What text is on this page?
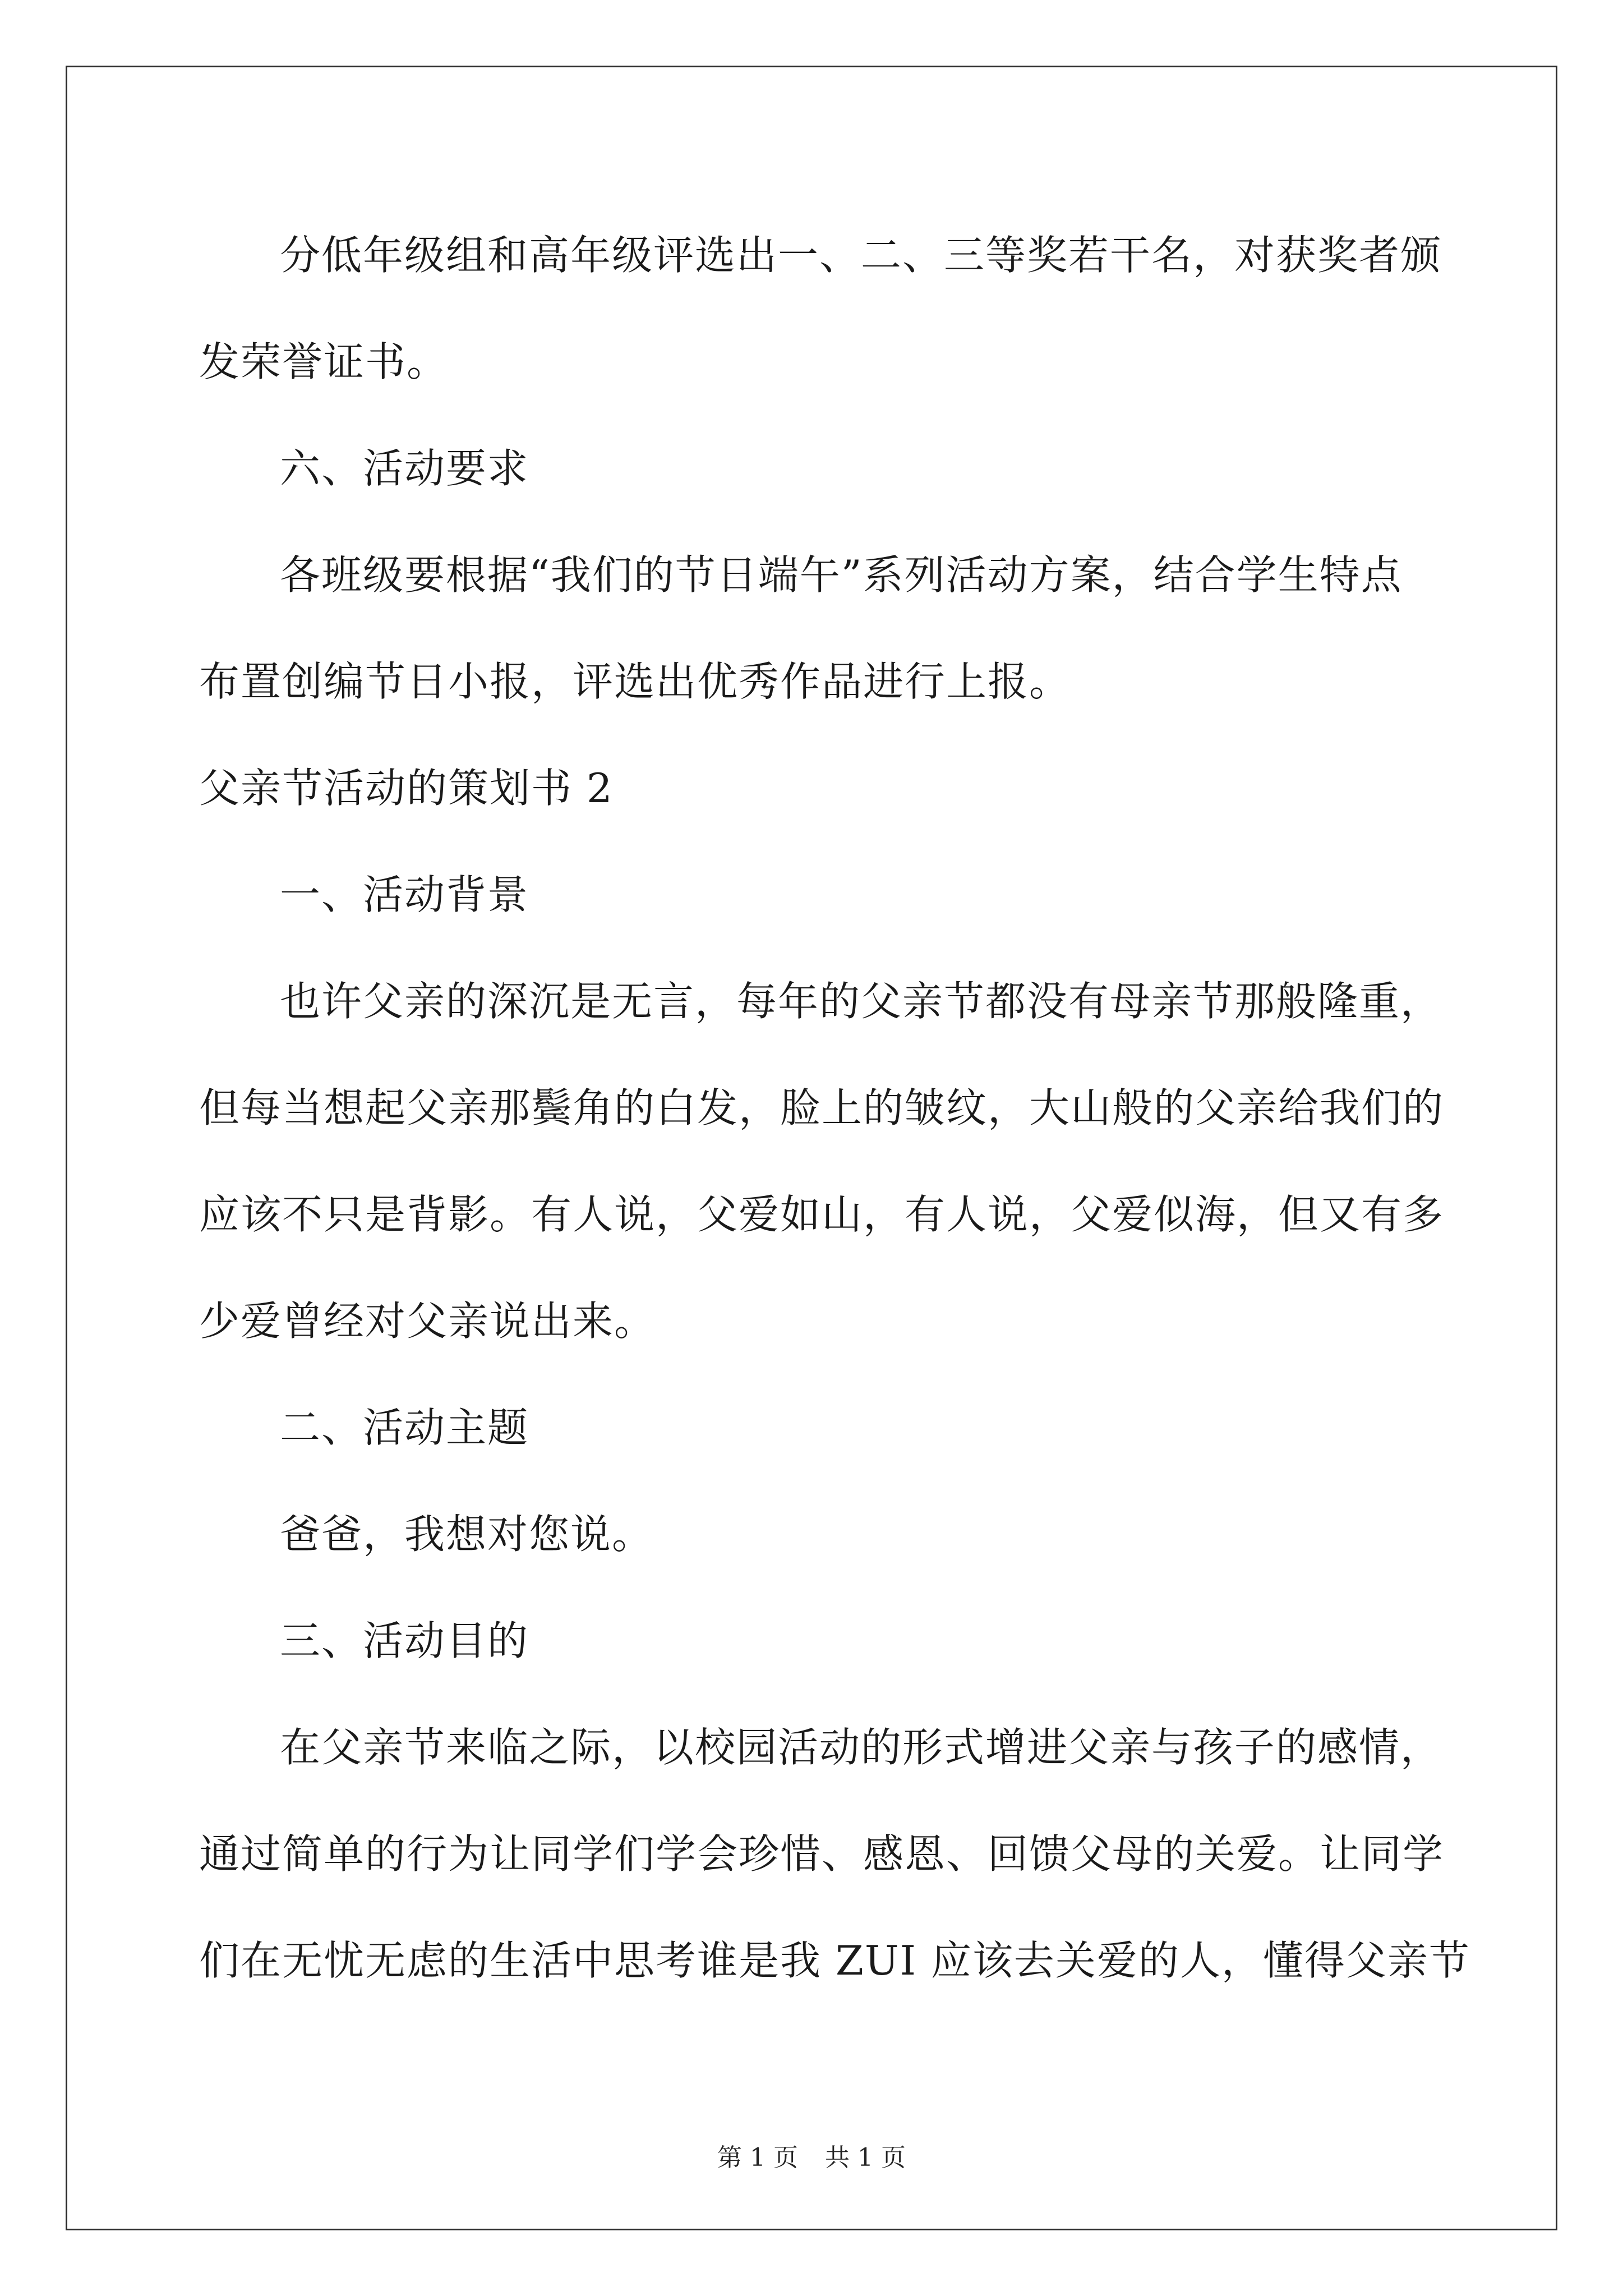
分低年级组和高年级评选出一、二、三等奖若干名，对获奖者颁

发荣誉证书。

六、活动要求

各班级要根据“我们的节日端午”系列活动方案，结合学生特点

布置创编节日小报，评选出优秀作品进行上报。

父亲节活动的策划书 2

一、活动背景

也许父亲的深沉是无言，每年的父亲节都没有母亲节那般隆重，

但每当想起父亲那鬓角的白发，脸上的皱纹，大山般的父亲给我们的

应该不只是背影。有人说，父爱如山，有人说，父爱似海，但又有多

少爱曾经对父亲说出来。

二、活动主题

爸爸，我想对您说。

三、活动目的

在父亲节来临之际，以校园活动的形式增进父亲与孩子的感情，

通过简单的行为让同学们学会珍惜、感恩、回馈父母的关爱。让同学

们在无忧无虑的生活中思考谁是我 ZUI 应该去关爱的人，懂得父亲节

第 1 页 共 1 页
